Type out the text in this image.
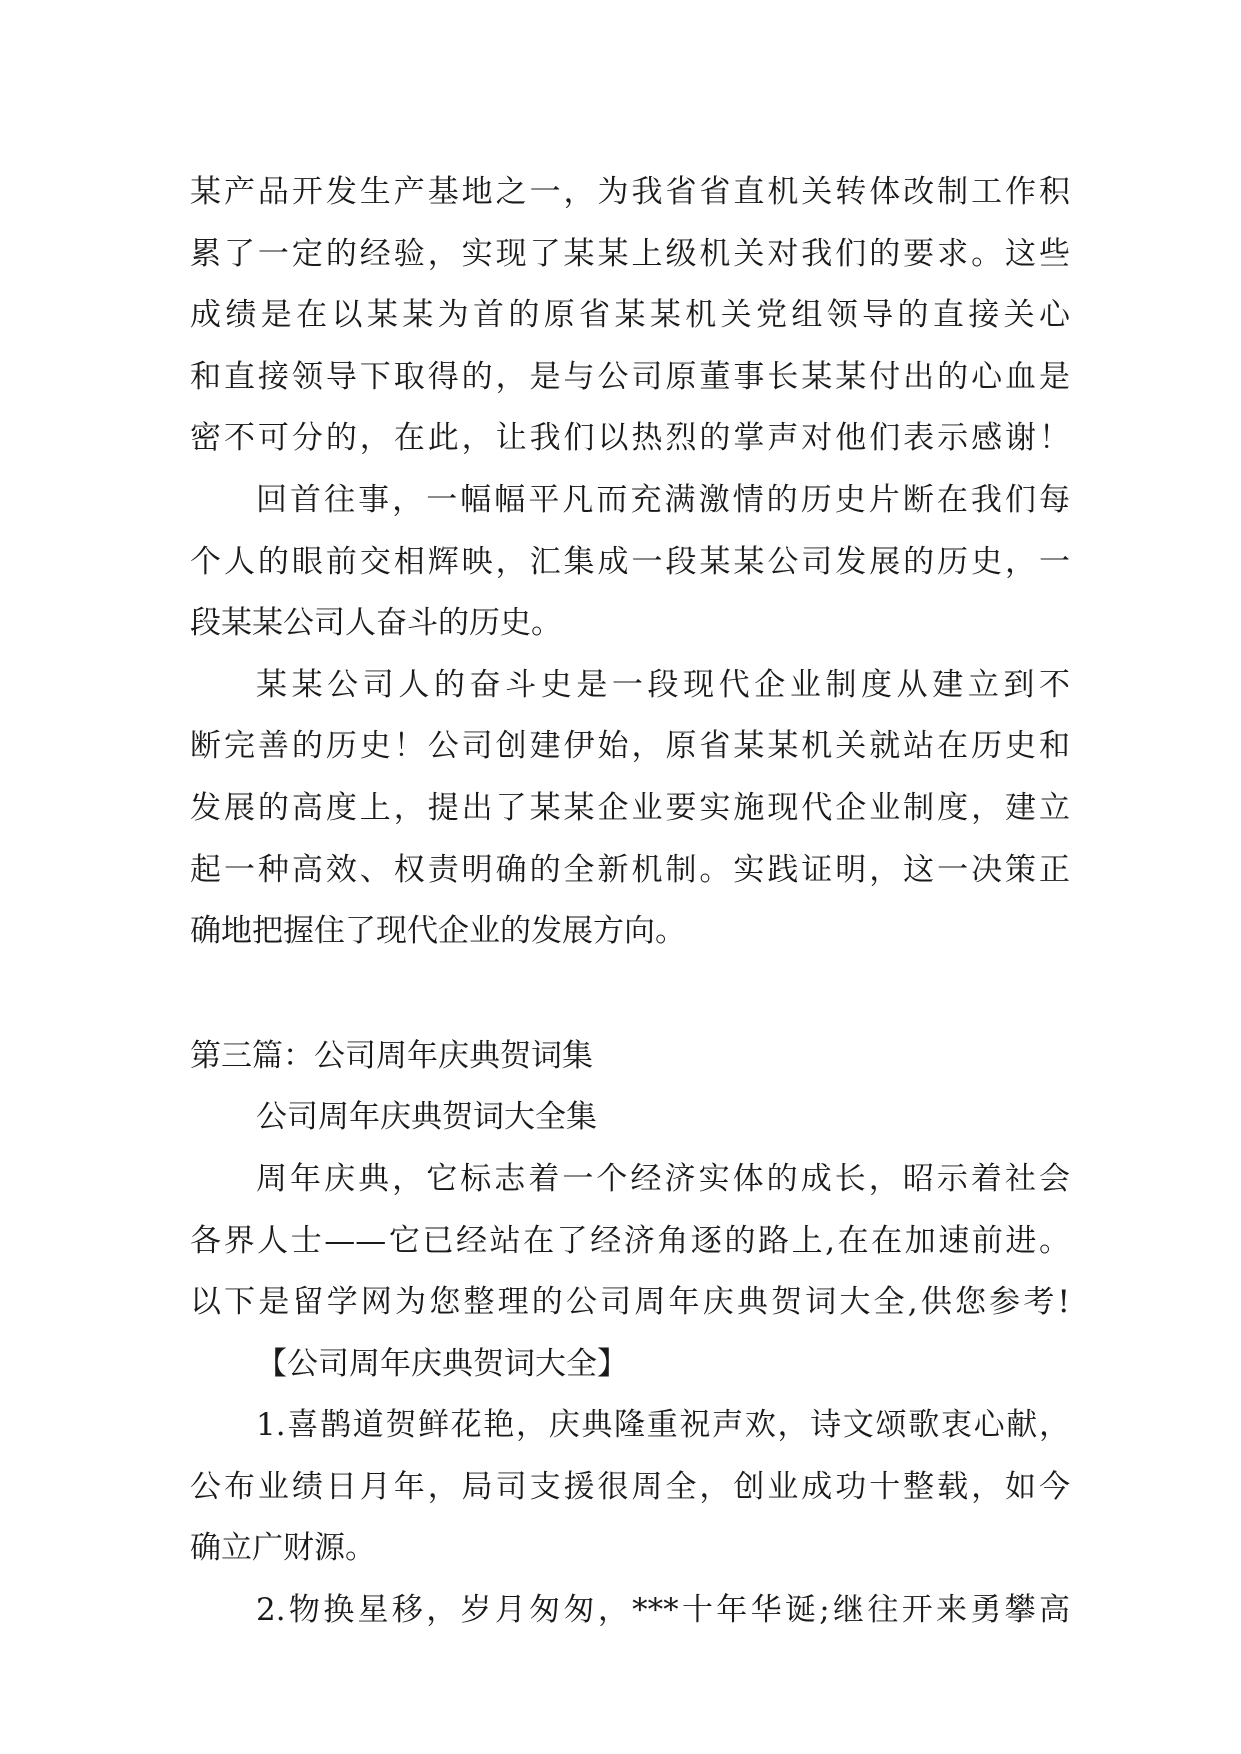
某产品开发生产基地之一，为我省省直机关转体改制工作积
累了一定的经验，实现了某某上级机关对我们的要求。这些
成绩是在以某某为首的原省某某机关党组领导的直接关心
和直接领导下取得的，是与公司原董事长某某付出的心血是
密不可分的，在此，让我们以热烈的掌声对他们表示感谢！
回首往事，一幅幅平凡而充满激情的历史片断在我们每
个人的眼前交相辉映，汇集成一段某某公司发展的历史，一
段某某公司人奋斗的历史。
某某公司人的奋斗史是一段现代企业制度从建立到不
断完善的历史！公司创建伊始，原省某某机关就站在历史和
发展的高度上，提出了某某企业要实施现代企业制度，建立
起一种高效、权责明确的全新机制。实践证明，这一决策正
确地把握住了现代企业的发展方向。
第三篇：公司周年庆典贺词集
公司周年庆典贺词大全集
周年庆典，它标志着一个经济实体的成长，昭示着社会
各界人士——它已经站在了经济角逐的路上,在在加速前进。
以下是留学网为您整理的公司周年庆典贺词大全,供您参考!
【公司周年庆典贺词大全】
1.喜鹊道贺鲜花艳，庆典隆重祝声欢，诗文颂歌衷心献，
公布业绩日月年，局司支援很周全，创业成功十整载，如今
确立广财源。
2.物换星移，岁月匆匆，***十年华诞;继往开来勇攀高
